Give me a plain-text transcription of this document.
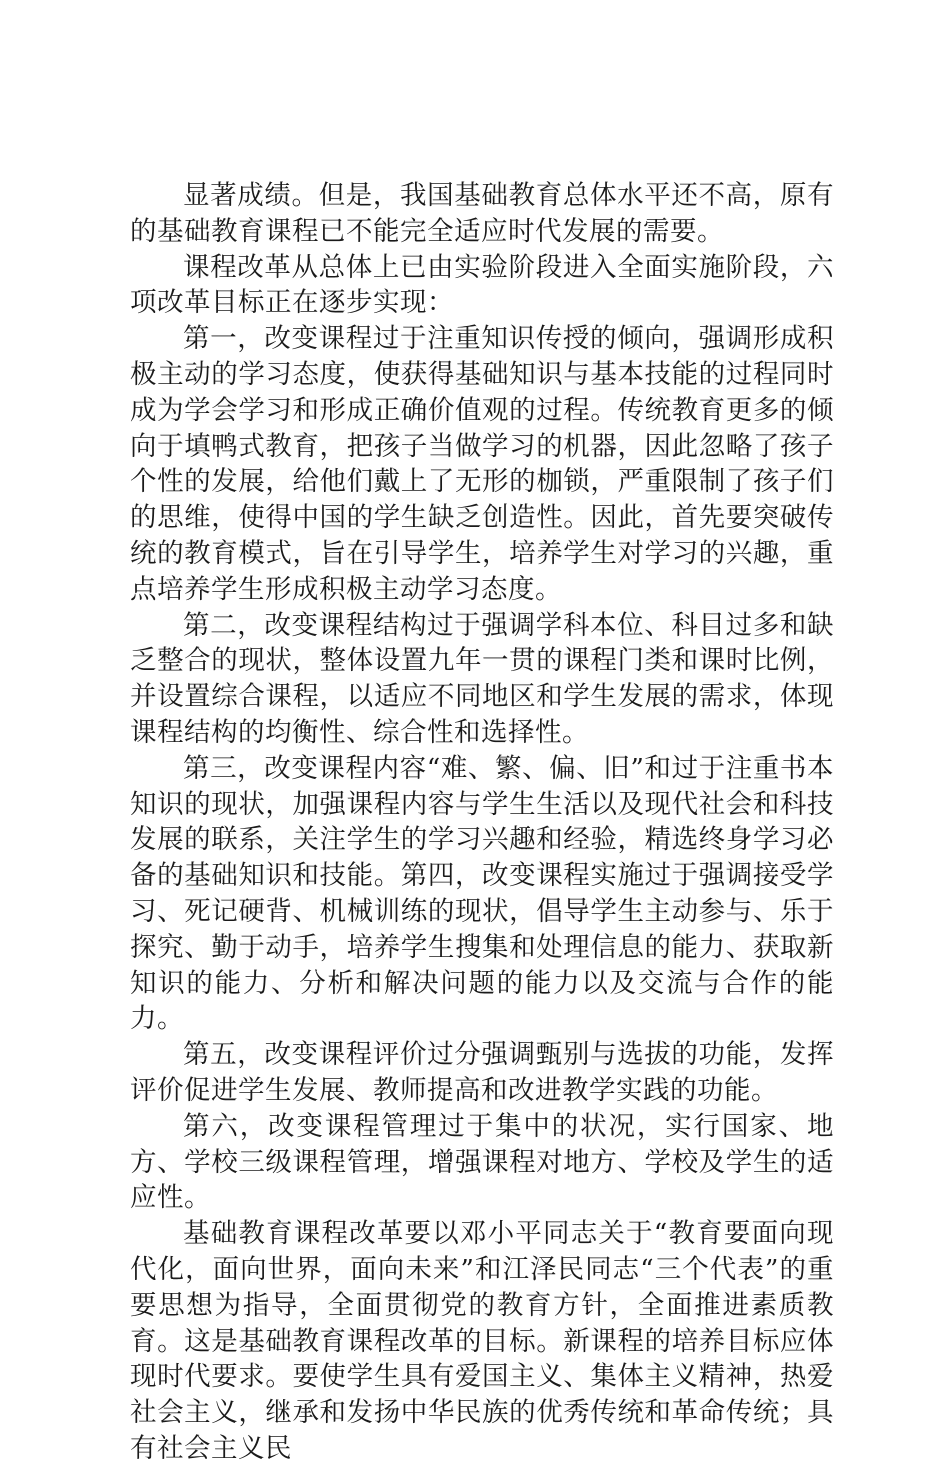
显著成绩。但是，我国基础教育总体水平还不高，原有的基础教育课程已不能完全适应时代发展的需要。

课程改革从总体上已由实验阶段进入全面实施阶段，六项改革目标正在逐步实现：

第一，改变课程过于注重知识传授的倾向，强调形成积极主动的学习态度，使获得基础知识与基本技能的过程同时成为学会学习和形成正确价值观的过程。传统教育更多的倾向于填鸭式教育，把孩子当做学习的机器，因此忽略了孩子个性的发展，给他们戴上了无形的枷锁，严重限制了孩子们的思维，使得中国的学生缺乏创造性。因此，首先要突破传统的教育模式，旨在引导学生，培养学生对学习的兴趣，重点培养学生形成积极主动学习态度。

第二，改变课程结构过于强调学科本位、科目过多和缺乏整合的现状，整体设置九年一贯的课程门类和课时比例，并设置综合课程，以适应不同地区和学生发展的需求，体现课程结构的均衡性、综合性和选择性。

第三，改变课程内容“难、繁、偏、旧”和过于注重书本知识的现状，加强课程内容与学生生活以及现代社会和科技发展的联系，关注学生的学习兴趣和经验，精选终身学习必备的基础知识和技能。第四，改变课程实施过于强调接受学习、死记硬背、机械训练的现状，倡导学生主动参与、乐于探究、勤于动手，培养学生搜集和处理信息的能力、获取新知识的能力、分析和解决问题的能力以及交流与合作的能力。

第五，改变课程评价过分强调甄别与选拔的功能，发挥评价促进学生发展、教师提高和改进教学实践的功能。

第六，改变课程管理过于集中的状况，实行国家、地方、学校三级课程管理，增强课程对地方、学校及学生的适应性。

基础教育课程改革要以邓小平同志关于“教育要面向现代化，面向世界，面向未来”和江泽民同志“三个代表”的重要思想为指导，全面贯彻党的教育方针，全面推进素质教育。这是基础教育课程改革的目标。新课程的培养目标应体现时代要求。要使学生具有爱国主义、集体主义精神，热爱社会主义，继承和发扬中华民族的优秀传统和革命传统；具有社会主义民
